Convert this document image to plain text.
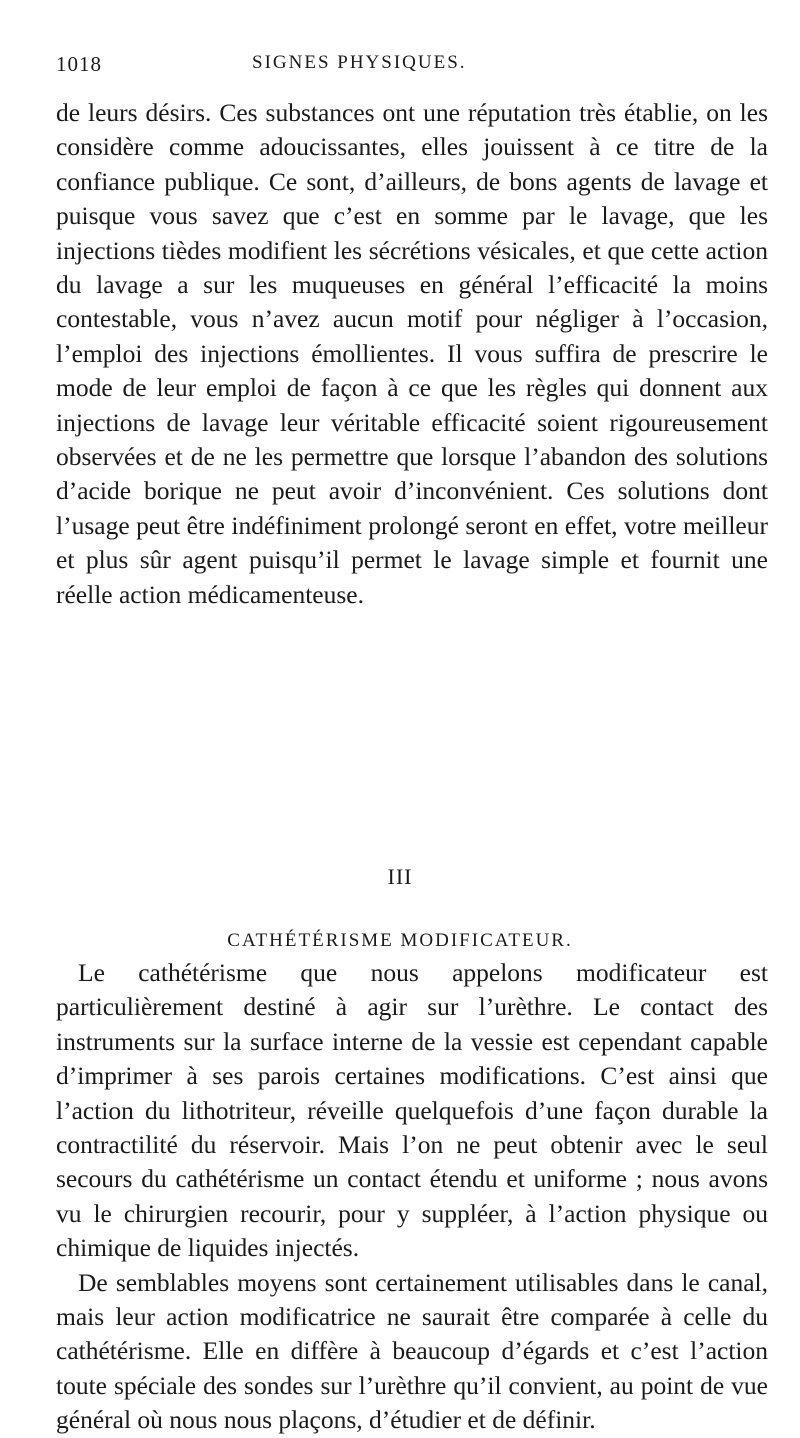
1018	SIGNES PHYSIQUES.

de leurs désirs. Ces substances ont une réputation très établie, on les considère comme adoucissantes, elles jouissent à ce titre de la confiance publique. Ce sont, d’ailleurs, de bons agents de lavage et puisque vous savez que c’est en somme par le lavage, que les injections tièdes modifient les sécrétions vésicales, et que cette action du lavage a sur les muqueuses en général l’efficacité la moins contestable, vous n’avez aucun motif pour négliger à l’occasion, l’emploi des injections émollientes. Il vous suffira de prescrire le mode de leur emploi de façon à ce que les règles qui donnent aux injections de lavage leur véritable efficacité soient rigoureusement observées et de ne les permettre que lorsque l’abandon des solutions d’acide borique ne peut avoir d’inconvénient. Ces solutions dont l’usage peut être indéfiniment prolongé seront en effet, votre meilleur et plus sûr agent puisqu’il permet le lavage simple et fournit une réelle action médicamenteuse.

III
CATHÉTÉRISME MODIFICATEUR.

Le cathétérisme que nous appelons modificateur est particulièrement destiné à agir sur l’urèthre. Le contact des instruments sur la surface interne de la vessie est cependant capable d’imprimer à ses parois certaines modifications. C’est ainsi que l’action du lithotriteur, réveille quelquefois d’une façon durable la contractilité du réservoir. Mais l’on ne peut obtenir avec le seul secours du cathétérisme un contact étendu et uniforme ; nous avons vu le chirurgien recourir, pour y suppléer, à l’action physique ou chimique de liquides injectés.

De semblables moyens sont certainement utilisables dans le canal, mais leur action modificatrice ne saurait être comparée à celle du cathétérisme. Elle en diffère à beaucoup d’égards et c’est l’action toute spéciale des sondes sur l’urèthre qu’il convient, au point de vue général où nous nous plaçons, d’étudier et de définir.
